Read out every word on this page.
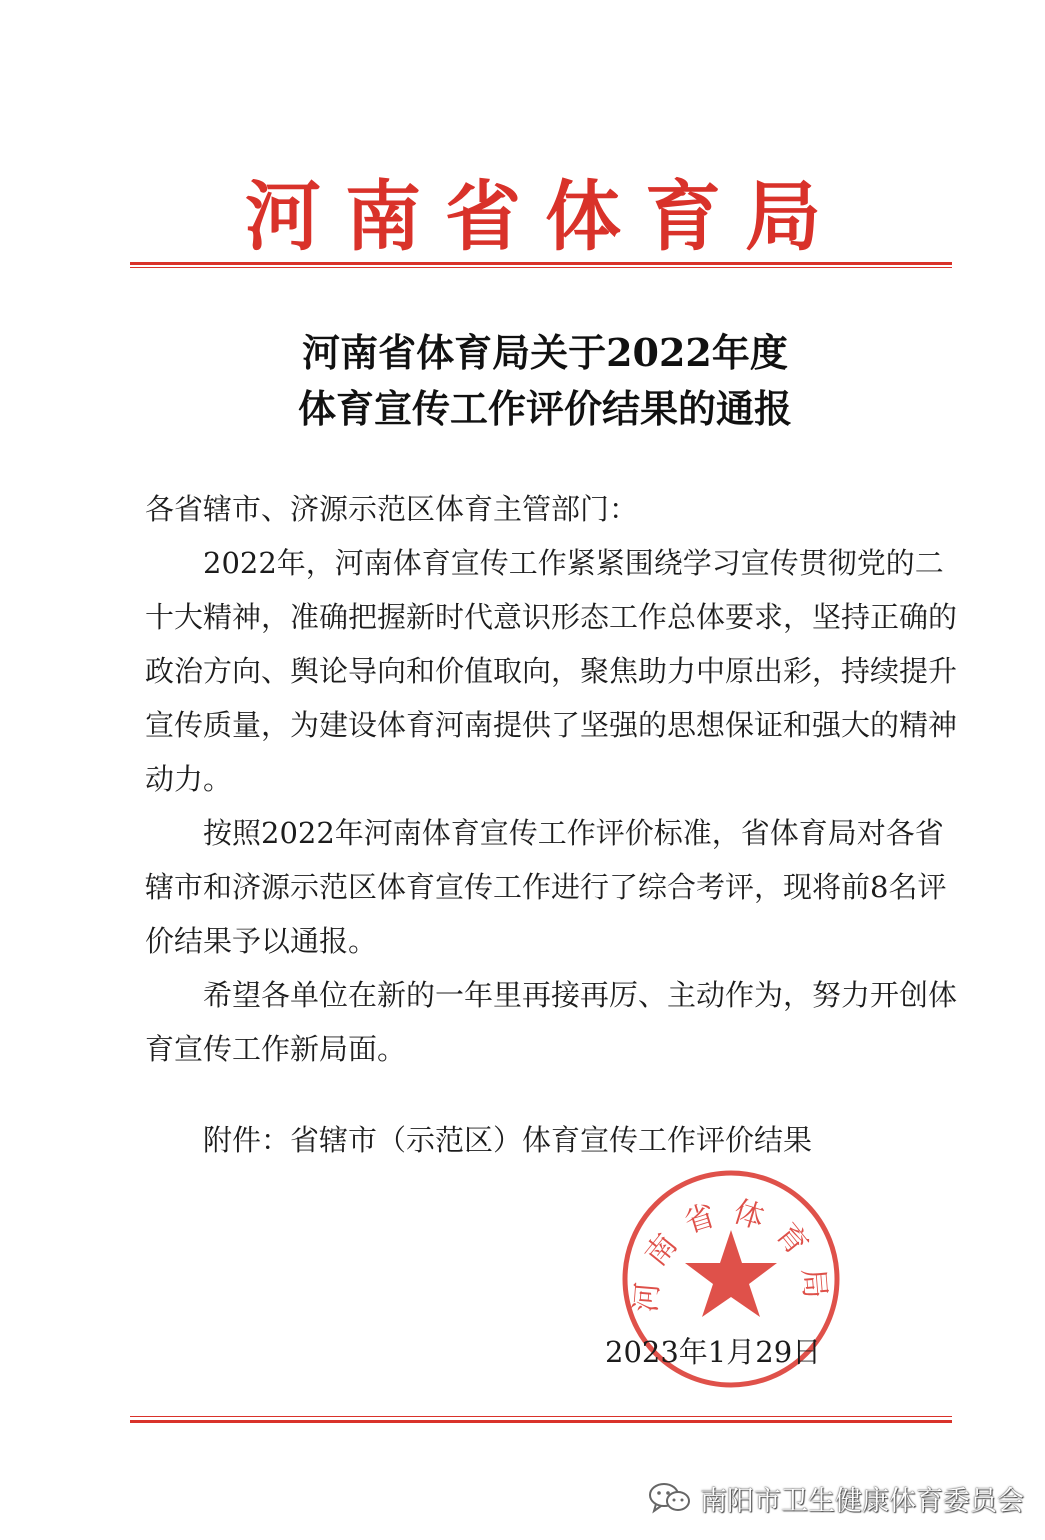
河南省体育局
河南省体育局关于2022年度
体育宣传工作评价结果的通报
各省辖市、济源示范区体育主管部门：
　　2022年，河南体育宣传工作紧紧围绕学习宣传贯彻党的二
十大精神，准确把握新时代意识形态工作总体要求，坚持正确的
政治方向、舆论导向和价值取向，聚焦助力中原出彩，持续提升
宣传质量，为建设体育河南提供了坚强的思想保证和强大的精神
动力。
　　按照2022年河南体育宣传工作评价标准，省体育局对各省
辖市和济源示范区体育宣传工作进行了综合考评，现将前8名评
价结果予以通报。
　　希望各单位在新的一年里再接再厉、主动作为，努力开创体
育宣传工作新局面。
　　附件：省辖市（示范区）体育宣传工作评价结果
河南省体育局
2023年1月29日
南阳市卫生健康体育委员会
